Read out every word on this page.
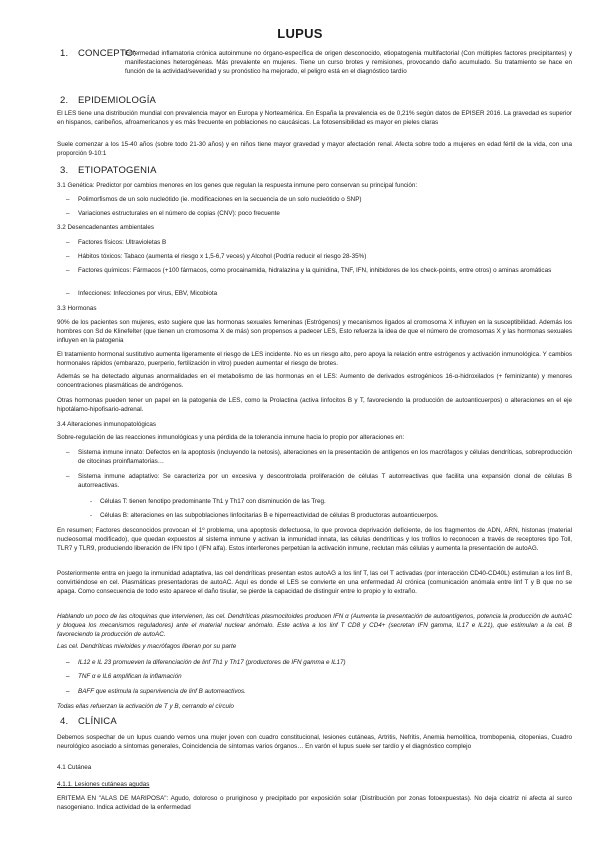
LUPUS
1. CONCEPTO:
Enfermedad inflamatoria crónica autoinmune no órgano-específica de origen desconocido, etiopatogenia multifactorial (Con múltiples factores precipitantes) y manifestaciones heterogéneas. Más prevalente en mujeres. Tiene un curso brotes y remisiones, provocando daño acumulado. Su tratamiento se hace en función de la actividad/severidad y su pronóstico ha mejorado, el peligro está en el diagnóstico tardío
2. EPIDEMIOLOGÍA
El LES tiene una distribución mundial con prevalencia mayor en Europa y Norteamérica. En España la prevalencia es de 0,21% según datos de EPISER 2016. La gravedad es superior en hispanos, caribeños, afroamericanos y es más frecuente en poblaciones no caucásicas. La fotosensibilidad es mayor en pieles claras
Suele comenzar a los 15-40 años (sobre todo 21-30 años) y en niños tiene mayor gravedad y mayor afectación renal. Afecta sobre todo a mujeres en edad fértil de la vida, con una proporción 9-10:1
3. ETIOPATOGENIA
3.1 Genética: Predictor por cambios menores en los genes que regulan la respuesta inmune pero conservan su principal función:
– Polimorfismos de un solo nucleótido (ie. modificaciones en la secuencia de un solo nucleótido o SNP)
– Variaciones estructurales en el número de copias (CNV): poco frecuente
3.2 Desencadenantes ambientales
– Factores físicos: Ultravioletas B
– Hábitos tóxicos: Tabaco (aumenta el riesgo x 1,5-6,7 veces) y Alcohol (Podría reducir el riesgo 28-35%)
– Factores químicos: Fármacos (+100 fármacos, como procainamida, hidralazina y la quinidina, TNF, IFN, inhibidores de los check-points, entre otros) o aminas aromáticas
– Infecciones: Infecciones por virus, EBV, Micobiota
3.3 Hormonas
90% de los pacientes son mujeres, esto sugiere que las hormonas sexuales femeninas (Estrógenos) y mecanismos ligados al cromosoma X influyen en la susceptibilidad. Además los hombres con Sd de Klinefelter (que tienen un cromosoma X de más) son propensos a padecer LES, Esto refuerza la idea de que el número de cromosomas X y las hormonas sexuales influyen en la patogenia
El tratamiento hormonal sustitutivo aumenta ligeramente el riesgo de LES incidente. No es un riesgo alto, pero apoya la relación entre estrógenos y activación inmunológica. Y cambios hormonales rápidos (embarazo, puerperio, fertilización in vitro) pueden aumentar el riesgo de brotes.
Además se ha detectado algunas anormalidades en el metabolismo de las hormonas en el LES: Aumento de derivados estrogénicos 16-α-hidroxilados (+ feminizante) y menores concentraciones plasmáticas de andrógenos.
Otras hormonas pueden tener un papel en la patogenia de LES, como la Prolactina (activa linfocitos B y T, favoreciendo la producción de autoanticuerpos) o alteraciones en el eje hipotálamo-hipofisario-adrenal.
3.4 Alteraciones inmunopatológicas
Sobre-regulación de las reacciones inmunológicas y una pérdida de la tolerancia inmune hacia lo propio por alteraciones en:
– Sistema inmune innato: Defectos en la apoptosis (incluyendo la netosis), alteraciones en la presentación de antígenos en los macrófagos y células dendríticas, sobreproducción de citocinas proinflamatorias…
– Sistema inmune adaptativo: Se caracteriza por un excesiva y descontrolada proliferación de células T autorreactivas que facilita una expansión clonal de células B autorreactivas.
- Células T: tienen fenotipo predominante Th1 y Th17 con disminución de las Treg.
- Células B: alteraciones en las subpoblaciones linfocitarias B e hiperreactividad de células B productoras autoanticuerpos.
En resumen; Factores desconocidos provocan el 1º problema, una apoptosis defectuosa, lo que provoca deprivación deficiente, de los fragmentos de ADN, ARN, histonas (material nucleosomal modificado), que quedan expuestos al sistema inmune y activan la inmunidad innata, las células dendríticas y los trofilos lo reconocen a través de receptores tipo Toll, TLR7 y TLR9, produciendo liberación de IFN tipo I (IFN alfa). Estos interferones perpetúan la activación inmune, reclutan más células y aumenta la presentación de autoAG.
Posteriormente entra en juego la inmunidad adaptativa, las cel dendríticas presentan estos autoAG a los linf T, las cel T activadas (por interacción CD40-CD40L) estimulan a los linf B, convirtiéndose en cel. Plasmáticas presentadoras de autoAC. Aquí es donde el LES se convierte en una enfermedad AI crónica (comunicación anómala entre linf T y B que no se apaga. Como consecuencia de todo esto aparece el daño tisular, se pierde la capacidad de distinguir entre lo propio y lo extraño.
Hablando un poco de las citoquinas que intervienen, las cel. Dendríticas plasmocitoides producen IFN α (Aumenta la presentación de autoantígenos, potencia la producción de autoAC y bloquea los mecanismos reguladores) ante el material nuclear anómalo. Este activa a los linf T CD8 y CD4+ (secretan IFN gamma, IL17 e IL21), que estimulan a la cel. B favoreciendo la producción de autoAC.
Las cel. Dendríticas mieloides y macrófagos liberan por su parte
– IL12 e IL 23 promueven la diferenciación de linf Th1 y Th17 (productores de IFN gamma e IL17)
– TNF α e IL6 amplifican la inflamación
– BAFF que estimula la supervivencia de linf B autorreactivos.
Todas ellas refuerzan la activación de T y B, cerrando el círculo
4. CLÍNICA
Debemos sospechar de un lupus cuando vemos una mujer joven con cuadro constitucional, lesiones cutáneas, Artritis, Nefritis, Anemia hemolítica, trombopenia, citopenias, Cuadro neurológico asociado a síntomas generales, Coincidencia de síntomas varios órganos… En varón el lupus suele ser tardío y el diagnóstico complejo
4.1 Cutánea
4.1.1. Lesiones cutáneas agudas
ERITEMA EN "ALAS DE MARIPOSA": Agudo, doloroso o pruriginoso y precipitado por exposición solar (Distribución por zonas fotoexpuestas). No deja cicatriz ni afecta al surco nasogeniano. Indica actividad de la enfermedad
